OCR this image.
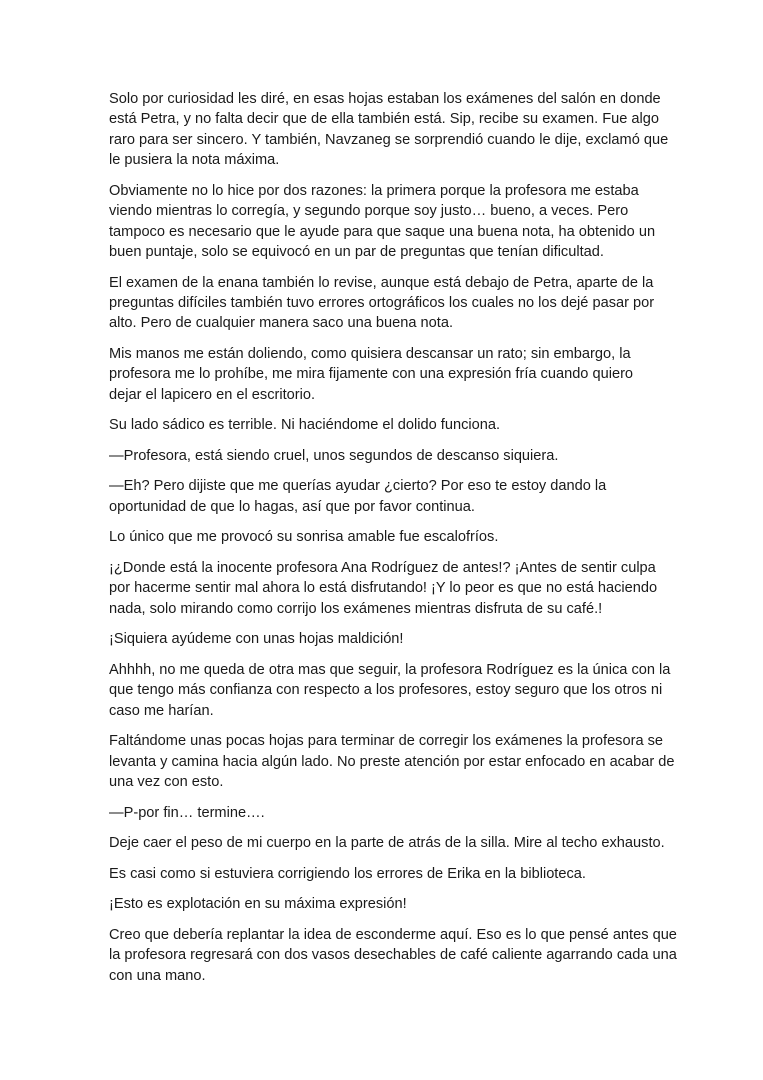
Solo por curiosidad les diré, en esas hojas estaban los exámenes del salón en donde
está Petra, y no falta decir que de ella también está. Sip, recibe su examen. Fue algo
raro para ser sincero. Y también, Navzaneg se sorprendió cuando le dije, exclamó que
le pusiera la nota máxima.

Obviamente no lo hice por dos razones: la primera porque la profesora me estaba
viendo mientras lo corregía, y segundo porque soy justo… bueno, a veces. Pero
tampoco es necesario que le ayude para que saque una buena nota, ha obtenido un
buen puntaje, solo se equivocó en un par de preguntas que tenían dificultad.

El examen de la enana también lo revise, aunque está debajo de Petra, aparte de la
preguntas difíciles también tuvo errores ortográficos los cuales no los dejé pasar por
alto. Pero de cualquier manera saco una buena nota.

Mis manos me están doliendo, como quisiera descansar un rato; sin embargo, la
profesora me lo prohíbe, me mira fijamente con una expresión fría cuando quiero
dejar el lapicero en el escritorio.

Su lado sádico es terrible. Ni haciéndome el dolido funciona.

—Profesora, está siendo cruel, unos segundos de descanso siquiera.

—Eh? Pero dijiste que me querías ayudar ¿cierto? Por eso te estoy dando la
oportunidad de que lo hagas, así que por favor continua.

Lo único que me provocó su sonrisa amable fue escalofríos.

¡¿Donde está la inocente profesora Ana Rodríguez de antes!? ¡Antes de sentir culpa
por hacerme sentir mal ahora lo está disfrutando! ¡Y lo peor es que no está haciendo
nada, solo mirando como corrijo los exámenes mientras disfruta de su café.!

¡Siquiera ayúdeme con unas hojas maldición!

Ahhhh, no me queda de otra mas que seguir, la profesora Rodríguez es la única con la
que tengo más confianza con respecto a los profesores, estoy seguro que los otros ni
caso me harían.

Faltándome unas pocas hojas para terminar de corregir los exámenes la profesora se
levanta y camina hacia algún lado. No preste atención por estar enfocado en acabar de
una vez con esto.

—P-por fin… termine….

Deje caer el peso de mi cuerpo en la parte de atrás de la silla. Mire al techo exhausto.

Es casi como si estuviera corrigiendo los errores de Erika en la biblioteca.

¡Esto es explotación en su máxima expresión!

Creo que debería replantar la idea de esconderme aquí. Eso es lo que pensé antes que
la profesora regresará con dos vasos desechables de café caliente agarrando cada una
con una mano.
